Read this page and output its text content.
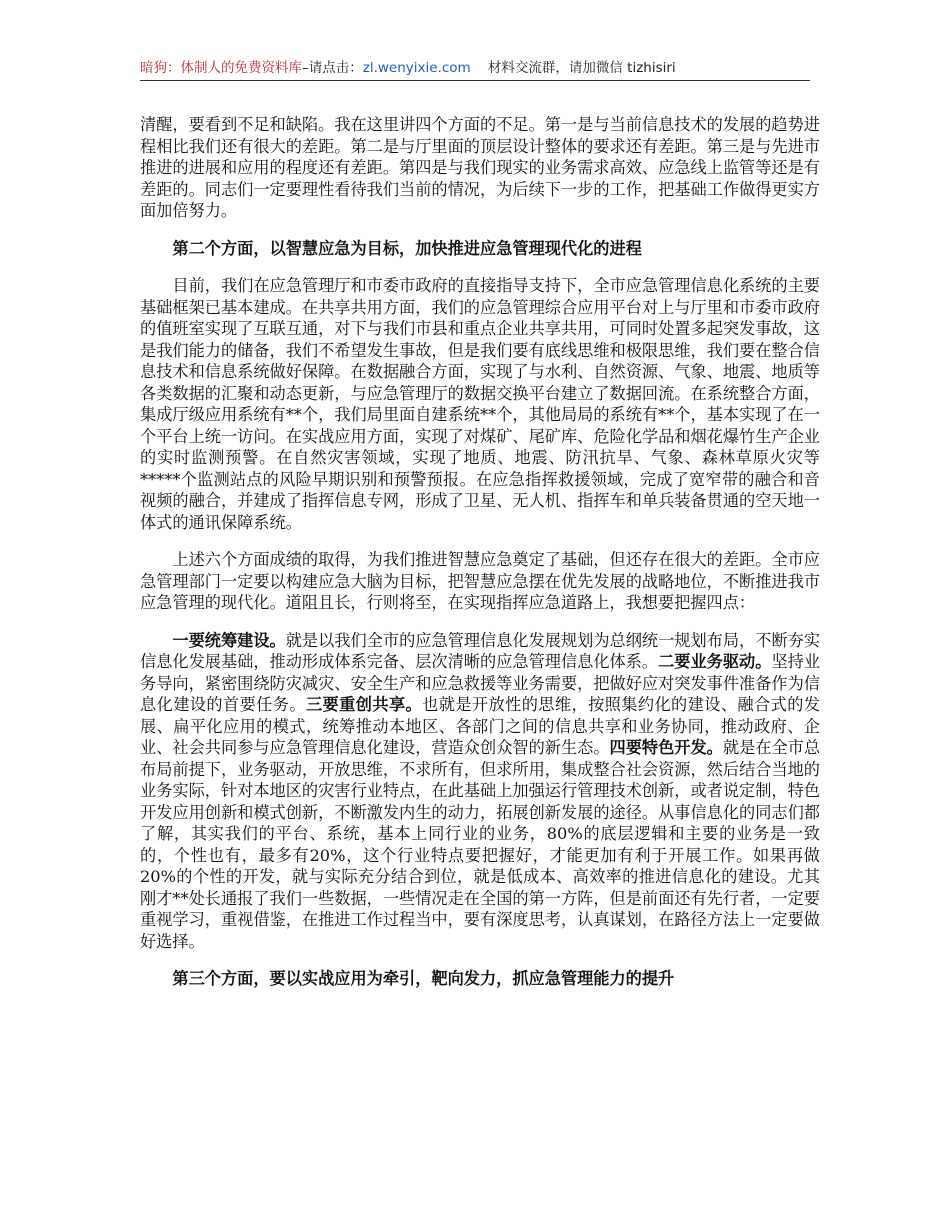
暗狗：体制人的免费资料库–请点击：zl.wenyixie.com 材料交流群，请加微信 tizhisiri

清醒，要看到不足和缺陷。我在这里讲四个方面的不足。第一是与当前信息技术的发展的趋势进程相比我们还有很大的差距。第二是与厅里面的顶层设计整体的要求还有差距。第三是与先进市推进的进展和应用的程度还有差距。第四是与我们现实的业务需求高效、应急线上监管等还是有差距的。同志们一定要理性看待我们当前的情况，为后续下一步的工作，把基础工作做得更实方面加倍努力。

第二个方面，以智慧应急为目标，加快推进应急管理现代化的进程

目前，我们在应急管理厅和市委市政府的直接指导支持下，全市应急管理信息化系统的主要基础框架已基本建成。在共享共用方面，我们的应急管理综合应用平台对上与厅里和市委市政府的值班室实现了互联互通，对下与我们市县和重点企业共享共用，可同时处置多起突发事故，这是我们能力的储备，我们不希望发生事故，但是我们要有底线思维和极限思维，我们要在整合信息技术和信息系统做好保障。在数据融合方面，实现了与水利、自然资源、气象、地震、地质等各类数据的汇聚和动态更新，与应急管理厅的数据交换平台建立了数据回流。在系统整合方面，集成厅级应用系统有**个，我们局里面自建系统**个，其他局局的系统有**个，基本实现了在一个平台上统一访问。在实战应用方面，实现了对煤矿、尾矿库、危险化学品和烟花爆竹生产企业的实时监测预警。在自然灾害领域，实现了地质、地震、防汛抗旱、气象、森林草原火灾等*****个监测站点的风险早期识别和预警预报。在应急指挥救援领域，完成了宽窄带的融合和音视频的融合，并建成了指挥信息专网，形成了卫星、无人机、指挥车和单兵装备贯通的空天地一体式的通讯保障系统。

上述六个方面成绩的取得，为我们推进智慧应急奠定了基础，但还存在很大的差距。全市应急管理部门一定要以构建应急大脑为目标，把智慧应急摆在优先发展的战略地位，不断推进我市应急管理的现代化。道阻且长，行则将至，在实现指挥应急道路上，我想要把握四点：

一要统筹建设。就是以我们全市的应急管理信息化发展规划为总纲统一规划布局，不断夯实信息化发展基础，推动形成体系完备、层次清晰的应急管理信息化体系。二要业务驱动。坚持业务导向，紧密围绕防灾减灾、安全生产和应急救援等业务需要，把做好应对突发事件准备作为信息化建设的首要任务。三要重创共享。也就是开放性的思维，按照集约化的建设、融合式的发展、扁平化应用的模式，统筹推动本地区、各部门之间的信息共享和业务协同，推动政府、企业、社会共同参与应急管理信息化建设，营造众创众智的新生态。四要特色开发。就是在全市总布局前提下，业务驱动，开放思维，不求所有，但求所用，集成整合社会资源，然后结合当地的业务实际，针对本地区的灾害行业特点，在此基础上加强运行管理技术创新，或者说定制，特色开发应用创新和模式创新，不断激发内生的动力，拓展创新发展的途径。从事信息化的同志们都了解，其实我们的平台、系统，基本上同行业的业务，80%的底层逻辑和主要的业务是一致的，个性也有，最多有20%，这个行业特点要把握好，才能更加有利于开展工作。如果再做20%的个性的开发，就与实际充分结合到位，就是低成本、高效率的推进信息化的建设。尤其刚才**处长通报了我们一些数据，一些情况走在全国的第一方阵，但是前面还有先行者，一定要重视学习，重视借鉴，在推进工作过程当中，要有深度思考，认真谋划，在路径方法上一定要做好选择。

第三个方面，要以实战应用为牵引，靶向发力，抓应急管理能力的提升
